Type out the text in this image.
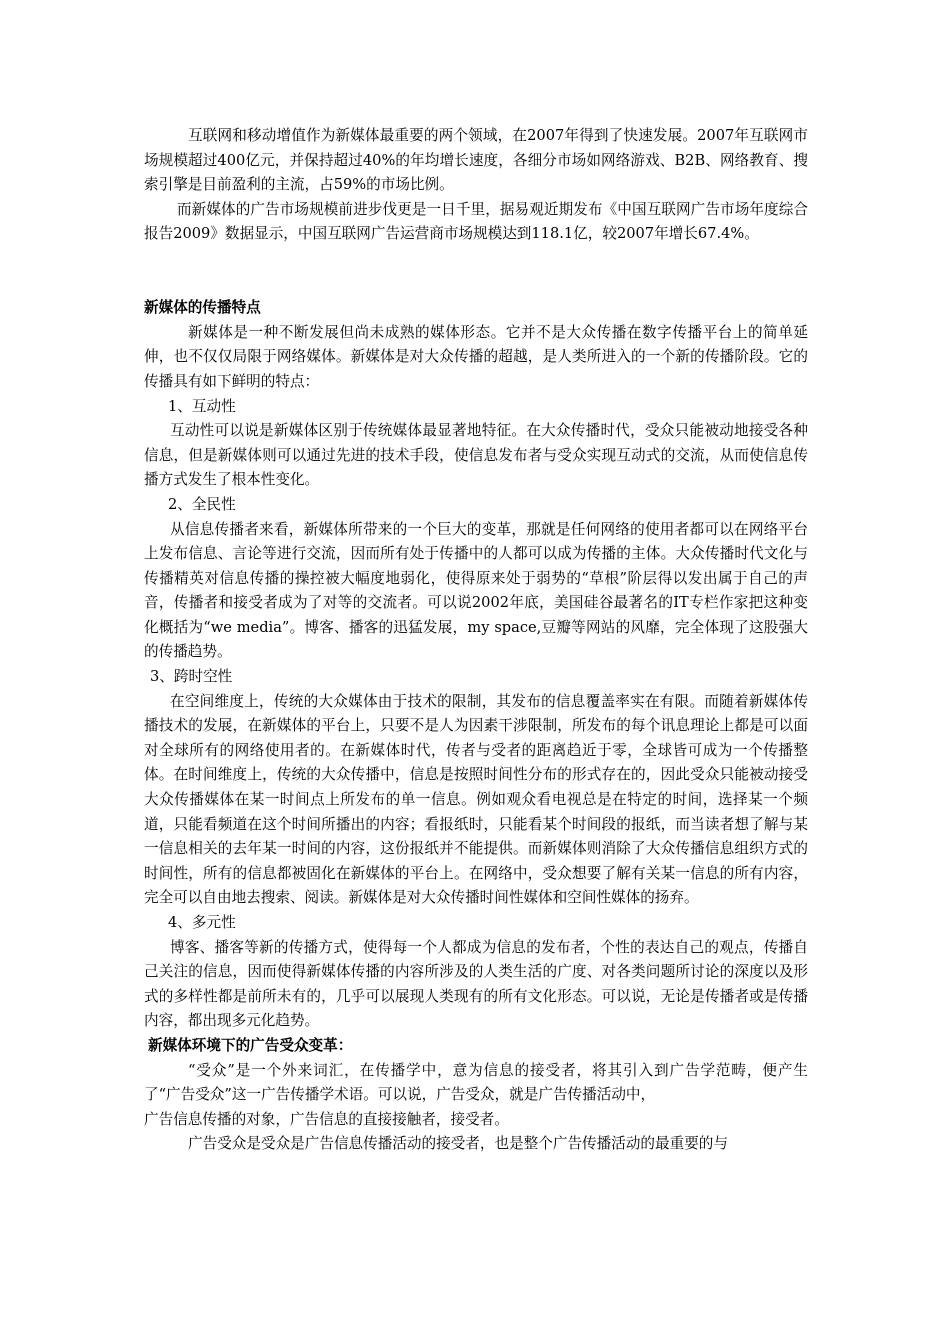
互联网和移动增值作为新媒体最重要的两个领域，在2007年得到了快速发展。2007年互联网市场规模超过400亿元，并保持超过40%的年均增长速度，各细分市场如网络游戏、B2B、网络教育、搜索引擎是目前盈利的主流，占59%的市场比例。

而新媒体的广告市场规模前进步伐更是一日千里，据易观近期发布《中国互联网广告市场年度综合报告2009》数据显示，中国互联网广告运营商市场规模达到118.1亿，较2007年增长67.4%。

新媒体的传播特点

新媒体是一种不断发展但尚未成熟的媒体形态。它并不是大众传播在数字传播平台上的简单延伸，也不仅仅局限于网络媒体。新媒体是对大众传播的超越，是人类所进入的一个新的传播阶段。它的传播具有如下鲜明的特点：

1、互动性

互动性可以说是新媒体区别于传统媒体最显著地特征。在大众传播时代，受众只能被动地接受各种信息，但是新媒体则可以通过先进的技术手段，使信息发布者与受众实现互动式的交流，从而使信息传播方式发生了根本性变化。

2、全民性

从信息传播者来看，新媒体所带来的一个巨大的变革，那就是任何网络的使用者都可以在网络平台上发布信息、言论等进行交流，因而所有处于传播中的人都可以成为传播的主体。大众传播时代文化与传播精英对信息传播的操控被大幅度地弱化，使得原来处于弱势的“草根”阶层得以发出属于自己的声音，传播者和接受者成为了对等的交流者。可以说2002年底，美国硅谷最著名的IT专栏作家把这种变化概括为“we media”。博客、播客的迅猛发展，my space,豆瓣等网站的风靡，完全体现了这股强大的传播趋势。

3、跨时空性

在空间维度上，传统的大众媒体由于技术的限制，其发布的信息覆盖率实在有限。而随着新媒体传播技术的发展，在新媒体的平台上，只要不是人为因素干涉限制，所发布的每个讯息理论上都是可以面对全球所有的网络使用者的。在新媒体时代，传者与受者的距离趋近于零，全球皆可成为一个传播整体。在时间维度上，传统的大众传播中，信息是按照时间性分布的形式存在的，因此受众只能被动接受大众传播媒体在某一时间点上所发布的单一信息。例如观众看电视总是在特定的时间，选择某一个频道，只能看频道在这个时间所播出的内容；看报纸时，只能看某个时间段的报纸，而当读者想了解与某一信息相关的去年某一时间的内容，这份报纸并不能提供。而新媒体则消除了大众传播信息组织方式的时间性，所有的信息都被固化在新媒体的平台上。在网络中，受众想要了解有关某一信息的所有内容，完全可以自由地去搜索、阅读。新媒体是对大众传播时间性媒体和空间性媒体的扬弃。

4、多元性

博客、播客等新的传播方式，使得每一个人都成为信息的发布者，个性的表达自己的观点，传播自己关注的信息，因而使得新媒体传播的内容所涉及的人类生活的广度、对各类问题所讨论的深度以及形式的多样性都是前所未有的，几乎可以展现人类现有的所有文化形态。可以说，无论是传播者或是传播内容，都出现多元化趋势。

新媒体环境下的广告受众变革：

“受众”是一个外来词汇，在传播学中，意为信息的接受者，将其引入到广告学范畴，便产生了“广告受众”这一广告传播学术语。可以说，广告受众，就是广告传播活动中，

广告信息传播的对象，广告信息的直接接触者，接受者。

广告受众是受众是广告信息传播活动的接受者，也是整个广告传播活动的最重要的与
